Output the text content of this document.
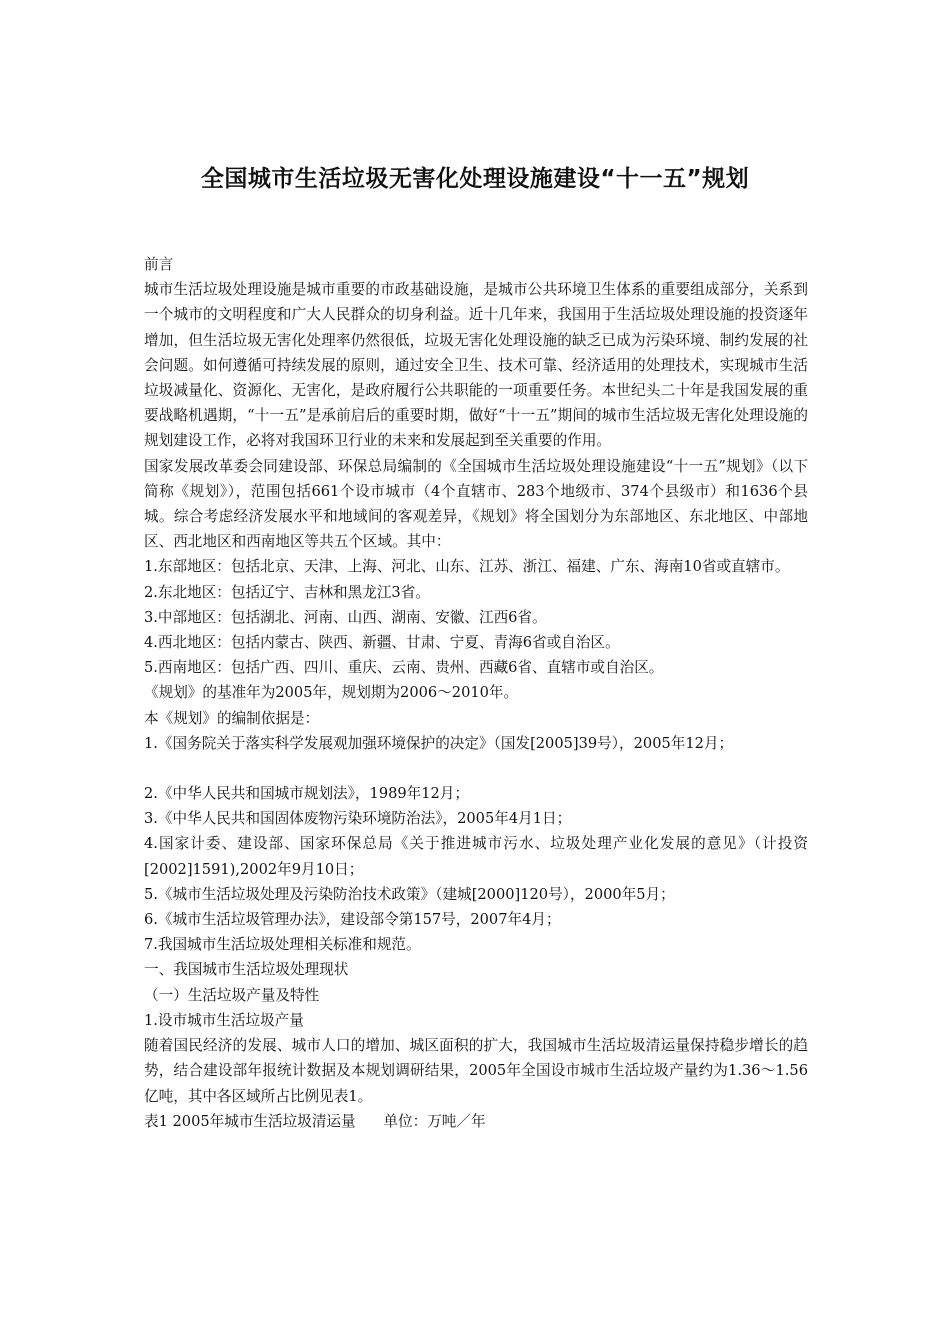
全国城市生活垃圾无害化处理设施建设“十一五”规划

前言

城市生活垃圾处理设施是城市重要的市政基础设施，是城市公共环境卫生体系的重要组成部分，关系到一个城市的文明程度和广大人民群众的切身利益。近十几年来，我国用于生活垃圾处理设施的投资逐年增加，但生活垃圾无害化处理率仍然很低，垃圾无害化处理设施的缺乏已成为污染环境、制约发展的社会问题。如何遵循可持续发展的原则，通过安全卫生、技术可靠、经济适用的处理技术，实现城市生活垃圾减量化、资源化、无害化，是政府履行公共职能的一项重要任务。本世纪头二十年是我国发展的重要战略机遇期，“十一五”是承前启后的重要时期，做好“十一五”期间的城市生活垃圾无害化处理设施的规划建设工作，必将对我国环卫行业的未来和发展起到至关重要的作用。

国家发展改革委会同建设部、环保总局编制的《全国城市生活垃圾处理设施建设“十一五”规划》（以下简称《规划》），范围包括661个设市城市（4个直辖市、283个地级市、374个县级市）和1636个县城。综合考虑经济发展水平和地域间的客观差异，《规划》将全国划分为东部地区、东北地区、中部地区、西北地区和西南地区等共五个区域。其中：

1.东部地区：包括北京、天津、上海、河北、山东、江苏、浙江、福建、广东、海南10省或直辖市。

2.东北地区：包括辽宁、吉林和黑龙江3省。

3.中部地区：包括湖北、河南、山西、湖南、安徽、江西6省。

4.西北地区：包括内蒙古、陕西、新疆、甘肃、宁夏、青海6省或自治区。

5.西南地区：包括广西、四川、重庆、云南、贵州、西藏6省、直辖市或自治区。

《规划》的基准年为2005年，规划期为2006～2010年。

本《规划》的编制依据是：

1.《国务院关于落实科学发展观加强环境保护的决定》（国发[2005]39号），2005年12月；

2.《中华人民共和国城市规划法》，1989年12月；

3.《中华人民共和国固体废物污染环境防治法》，2005年4月1日；

4.国家计委、建设部、国家环保总局《关于推进城市污水、垃圾处理产业化发展的意见》（计投资[2002]1591),2002年9月10日；

5.《城市生活垃圾处理及污染防治技术政策》（建城[2000]120号），2000年5月；

6.《城市生活垃圾管理办法》，建设部令第157号，2007年4月；

7.我国城市生活垃圾处理相关标准和规范。

一、我国城市生活垃圾处理现状

（一）生活垃圾产量及特性

1.设市城市生活垃圾产量

随着国民经济的发展、城市人口的增加、城区面积的扩大，我国城市生活垃圾清运量保持稳步增长的趋势，结合建设部年报统计数据及本规划调研结果，2005年全国设市城市生活垃圾产量约为1.36～1.56亿吨，其中各区域所占比例见表1。

表1 2005年城市生活垃圾清运量      单位：万吨／年
